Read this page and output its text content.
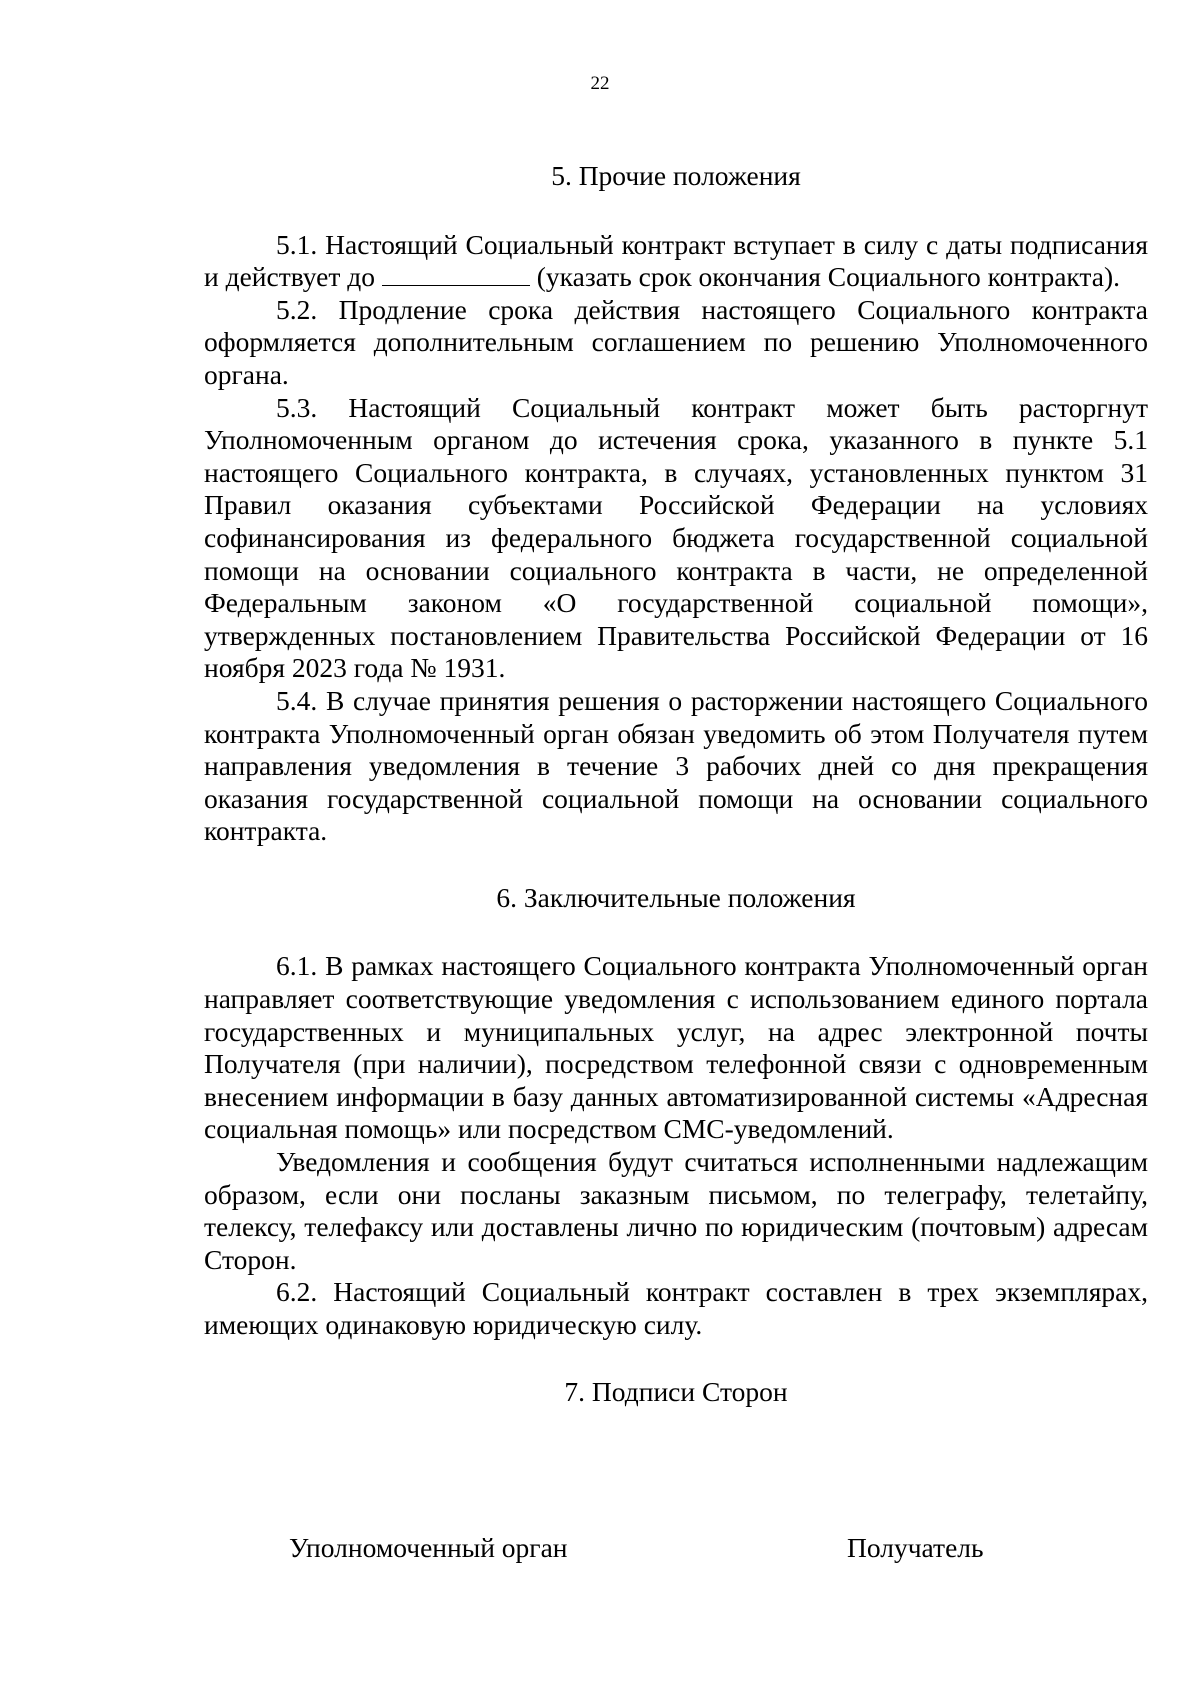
22

5. Прочие положения

5.1. Настоящий Социальный контракт вступает в силу с даты подписания и действует до	(указать срок окончания Социального контракта).

5.2. Продление срока действия настоящего Социального контракта оформляется дополнительным соглашением по решению Уполномоченного органа.

5.3. Настоящий Социальный контракт может быть расторгнут Уполномоченным органом до истечения срока, указанного в пункте 5.1 настоящего Социального контракта, в случаях, установленных пунктом 31 Правил оказания субъектами Российской Федерации на условиях софинансирования из федерального бюджета государственной социальной помощи на основании социального контракта в части, не определенной Федеральным законом «О государственной социальной помощи», утвержденных постановлением Правительства Российской Федерации от 16 ноября 2023 года № 1931.

5.4. В случае принятия решения о расторжении настоящего Социального контракта Уполномоченный орган обязан уведомить об этом Получателя путем направления уведомления в течение 3 рабочих дней со дня прекращения оказания государственной социальной помощи на основании социального контракта.

6. Заключительные положения

6.1. В рамках настоящего Социального контракта Уполномоченный орган направляет соответствующие уведомления с использованием единого портала государственных и муниципальных услуг, на адрес электронной почты Получателя (при наличии), посредством телефонной связи с одновременным внесением информации в базу данных автоматизированной системы «Адресная социальная помощь» или посредством СМС-уведомлений.

Уведомления и сообщения будут считаться исполненными надлежащим образом, если они посланы заказным письмом, по телеграфу, телетайпу, телексу, телефаксу или доставлены лично по юридическим (почтовым) адресам Сторон.

6.2. Настоящий Социальный контракт составлен в трех экземплярах, имеющих одинаковую юридическую силу.

7. Подписи Сторон

Уполномоченный орган	Получатель
